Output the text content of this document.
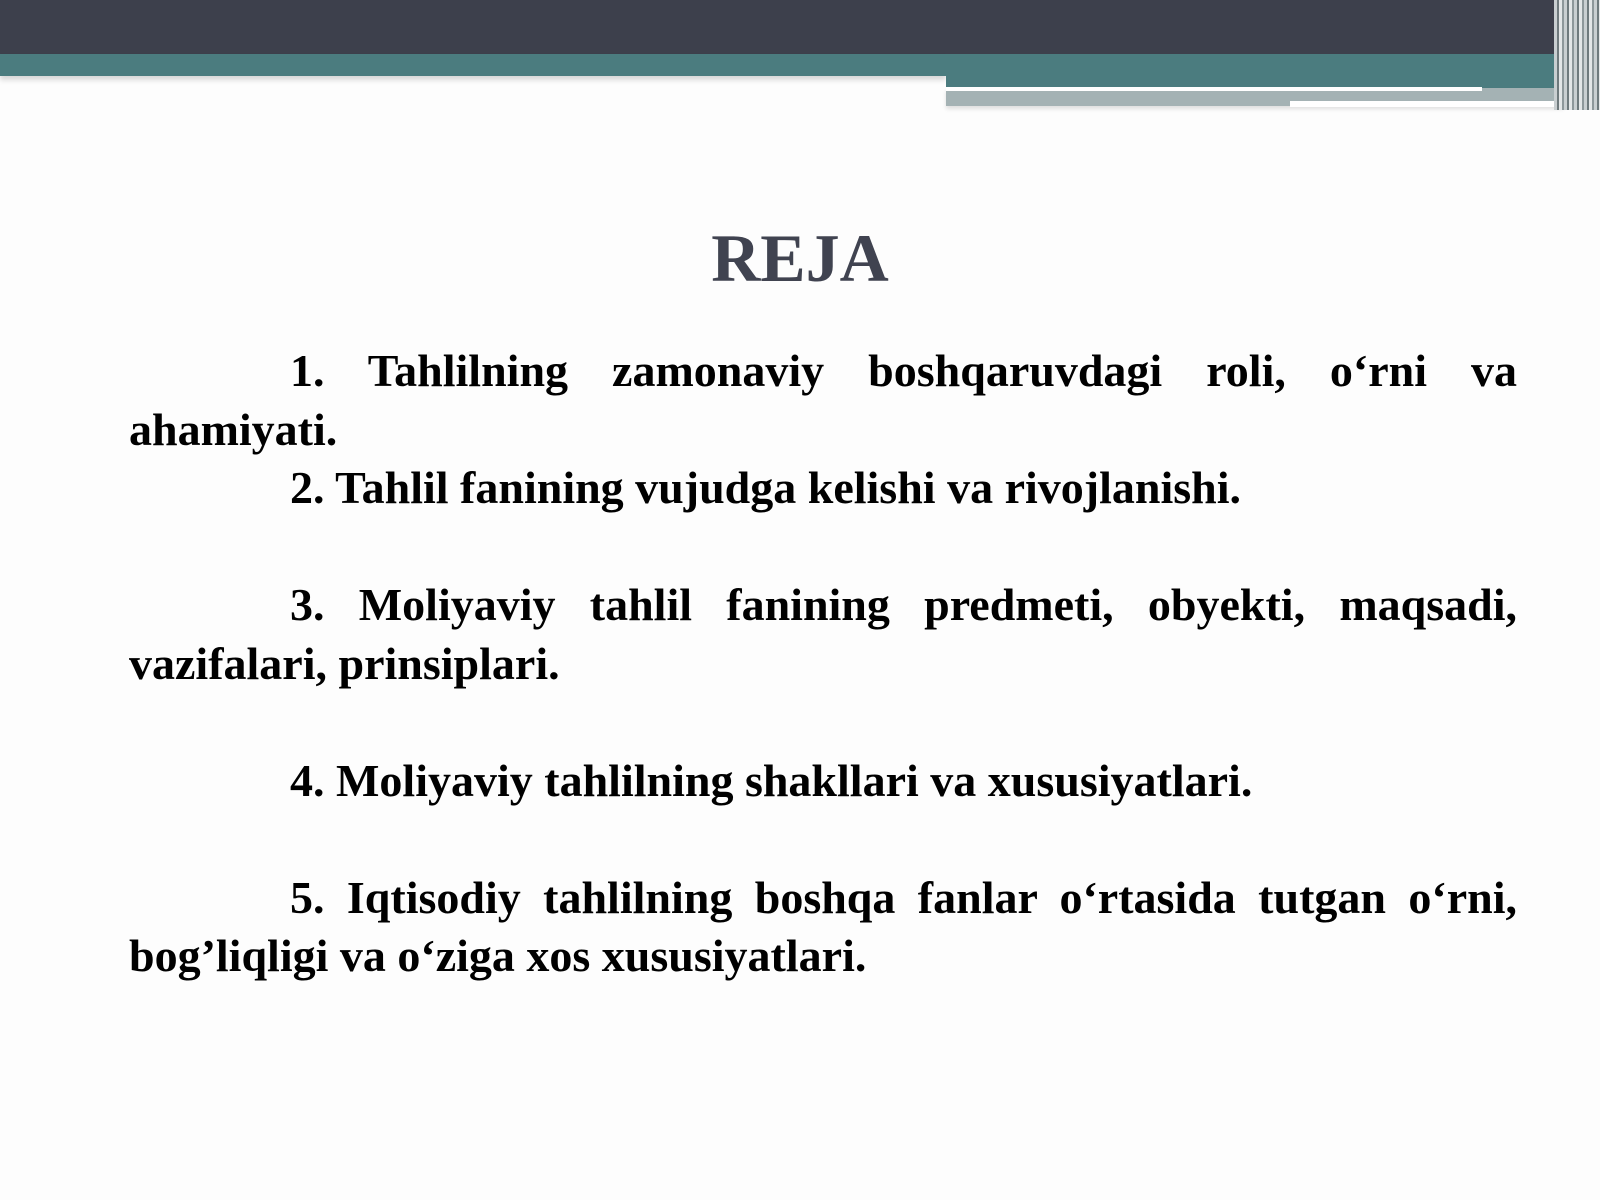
REJA

1. Tahlilning zamonaviy boshqaruvdagi roli, o‘rni va ahamiyati.

2. Tahlil fanining vujudga kelishi va rivojlanishi.

3. Moliyaviy tahlil fanining predmeti, obyekti, maqsadi, vazifalari, prinsiplari.

4. Moliyaviy tahlilning shakllari va xususiyatlari.

5. Iqtisodiy tahlilning boshqa fanlar o‘rtasida tutgan o‘rni, bog’liqligi va o‘ziga xos xususiyatlari.
